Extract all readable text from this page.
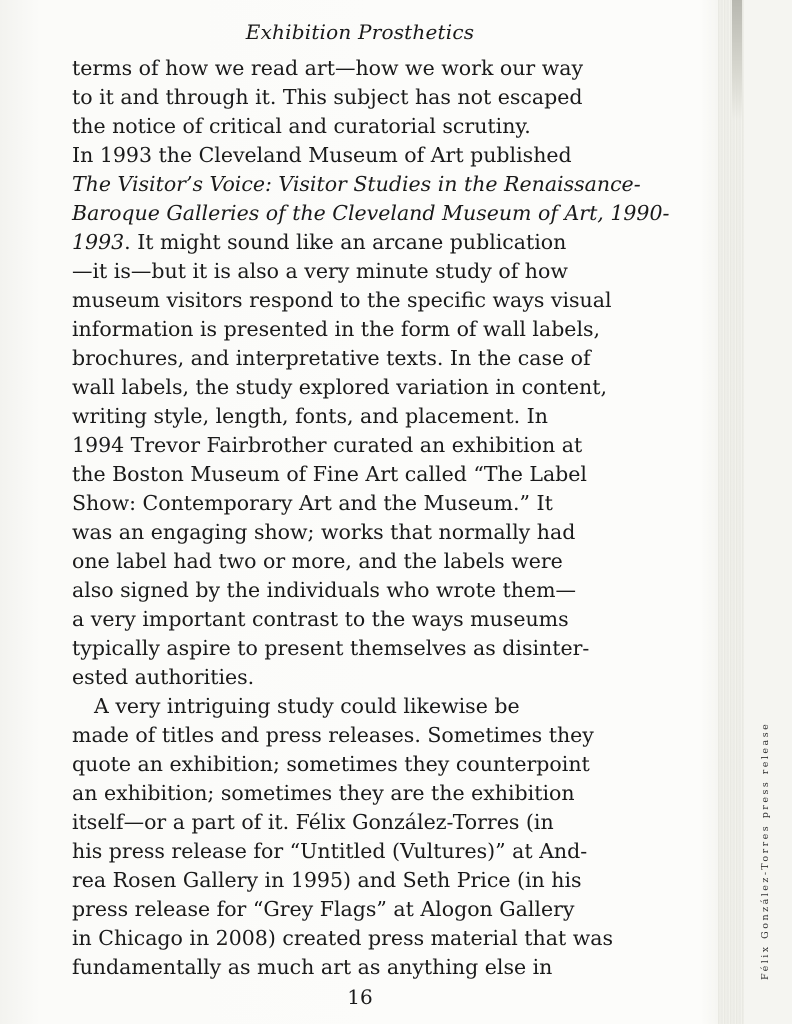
Exhibition Prosthetics
terms of how we read art—how we work our way
to it and through it. This subject has not escaped
the notice of critical and curatorial scrutiny.
In 1993 the Cleveland Museum of Art published
The Visitor’s Voice: Visitor Studies in the Renaissance-
Baroque Galleries of the Cleveland Museum of Art, 1990-
1993. It might sound like an arcane publication
—it is—but it is also a very minute study of how
museum visitors respond to the specific ways visual
information is presented in the form of wall labels,
brochures, and interpretative texts. In the case of
wall labels, the study explored variation in content,
writing style, length, fonts, and placement. In
1994 Trevor Fairbrother curated an exhibition at
the Boston Museum of Fine Art called “The Label
Show: Contemporary Art and the Museum.” It
was an engaging show; works that normally had
one label had two or more, and the labels were
also signed by the individuals who wrote them—
a very important contrast to the ways museums
typically aspire to present themselves as disinter-
ested authorities.
A very intriguing study could likewise be
made of titles and press releases. Sometimes they
quote an exhibition; sometimes they counterpoint
an exhibition; sometimes they are the exhibition
itself—or a part of it. Félix González-Torres (in
his press release for “Untitled (Vultures)” at And-
rea Rosen Gallery in 1995) and Seth Price (in his
press release for “Grey Flags” at Alogon Gallery
in Chicago in 2008) created press material that was
fundamentally as much art as anything else in
16
Félix González-Torres press release
